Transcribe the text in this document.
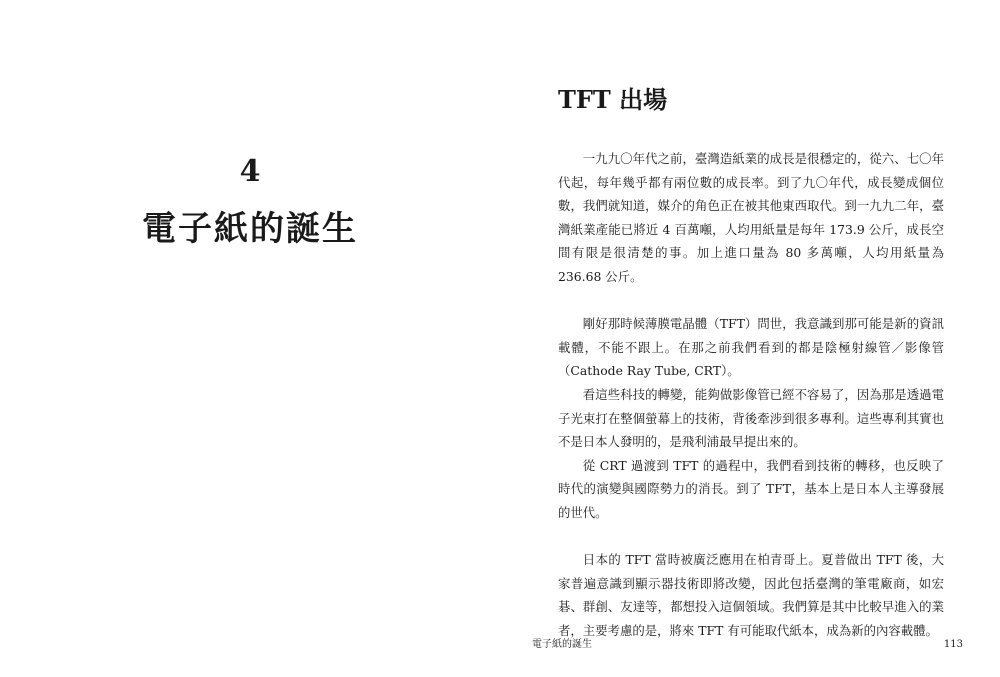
4
電子紙的誕生
TFT 出場

一九九〇年代之前，臺灣造紙業的成長是很穩定的，從六、七〇年代起，每年幾乎都有兩位數的成長率。到了九〇年代，成長變成個位數，我們就知道，媒介的角色正在被其他東西取代。到一九九二年，臺灣紙業產能已將近 4 百萬噸，人均用紙量是每年 173.9 公斤，成長空間有限是很清楚的事。加上進口量為 80 多萬噸，人均用紙量為 236.68 公斤。

剛好那時候薄膜電晶體（TFT）問世，我意識到那可能是新的資訊載體，不能不跟上。在那之前我們看到的都是陰極射線管／影像管（Cathode Ray Tube, CRT）。

看這些科技的轉變，能夠做影像管已經不容易了，因為那是透過電子光束打在整個螢幕上的技術，背後牽涉到很多專利。這些專利其實也不是日本人發明的，是飛利浦最早提出來的。

從 CRT 過渡到 TFT 的過程中，我們看到技術的轉移，也反映了時代的演變與國際勢力的消長。到了 TFT，基本上是日本人主導發展的世代。

日本的 TFT 當時被廣泛應用在柏青哥上。夏普做出 TFT 後，大家普遍意識到顯示器技術即將改變，因此包括臺灣的筆電廠商，如宏碁、群創、友達等，都想投入這個領域。我們算是其中比較早進入的業者，主要考慮的是，將來 TFT 有可能取代紙本，成為新的內容載體。

電子紙的誕生	113
